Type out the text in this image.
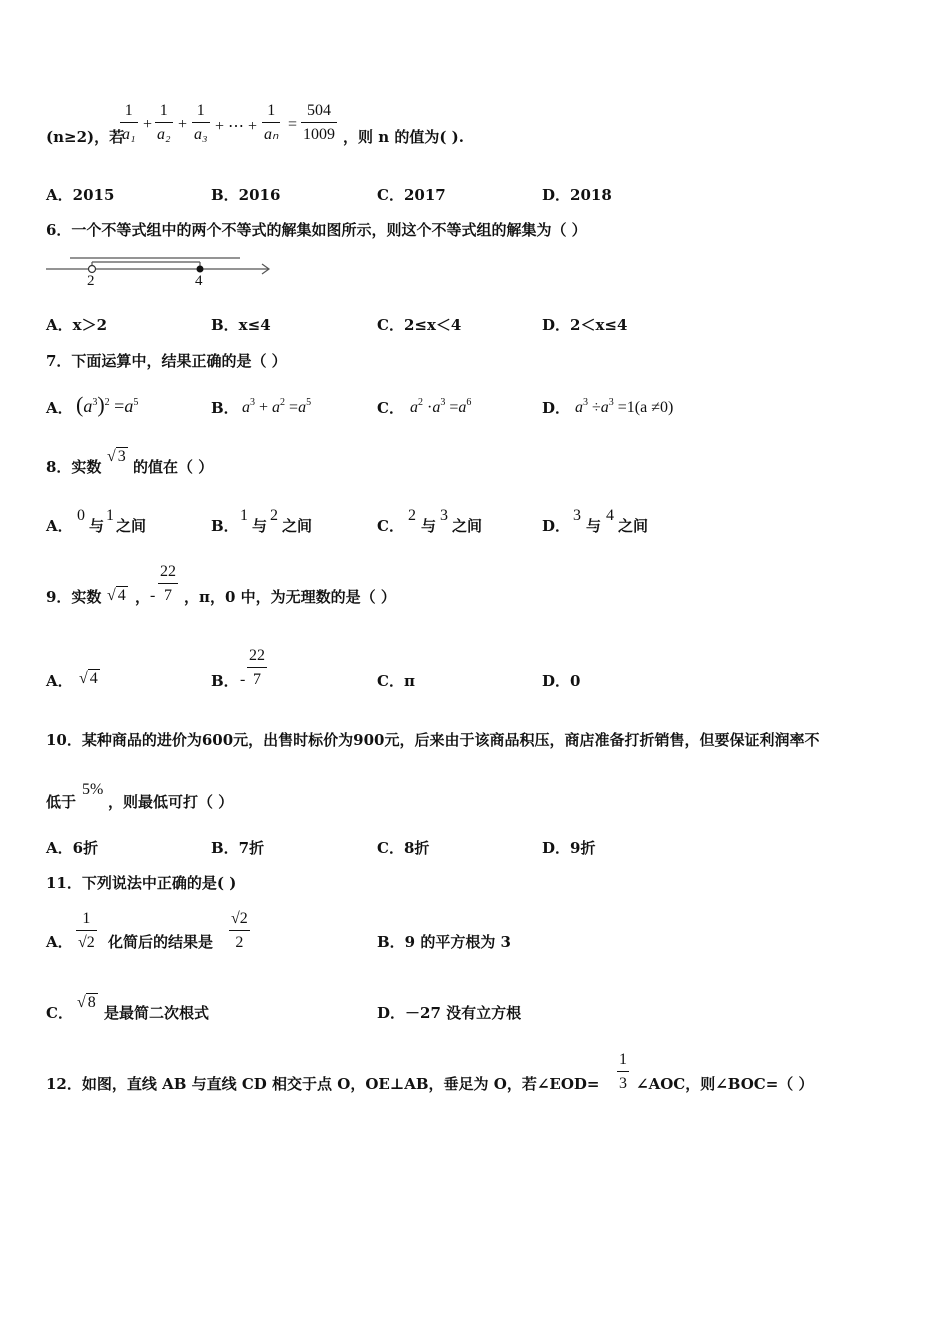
(n≥2)，若
$\frac{1}{\text{a₁}} + \frac{1}{\text{a₂}} + \frac{1}{\text{a₃}}$ + ⋯ + $\frac{1}{\text{aₙ}} = \frac{504}{1009}$ ，则 n 的值为( ).
A．2015	B．2016	C．2017	D．2018
6．一个不等式组中的两个不等式的解集如图所示，则这个不等式组的解集为（ ）
2	4
A．x＞2	B．x≤4	C．2≤x＜4	D．2＜x≤4
7．下面运算中，结果正确的是（ ）
A． $(a^3)^2 =a^5$	B． $a^3 + a^2 =a^5$	C． $a^2 \cdot a^3 =a^6$	D． $a^3 \div a^3 =1(a \ne 0)$
8．实数
√ 3
的值在（ ）
A．
0
与
1
之间	B．
1
与
2
之间	C．
2
与
3
之间	D．
3
与
4
之间
9．实数 √ 4 ， - $\frac{22}{7}$ ，π，0 中，为无理数的是（ ）
A． √ 4	B． - $\frac{22}{7}$	C．π	D．0
10．某种商品的进价为600元，出售时标价为900元，后来由于该商品积压，商店准备打折销售，但要保证利润率不
低于
5%
，则最低可打（ ）
A．6折	B．7折	C．8折	D．9折
11．下列说法中正确的是( )
A． $\frac{1}{√2}$ 化简后的结果是 $\frac{√2}{2}$	B．9 的平方根为 3
C．
√ 8
是最简二次根式	D．－27 没有立方根
12．如图，直线 AB 与直线 CD 相交于点 O，OE⊥AB，垂足为 O，若∠EOD= $\frac{1}{3}$ ∠AOC，则∠BOC=（ ）
